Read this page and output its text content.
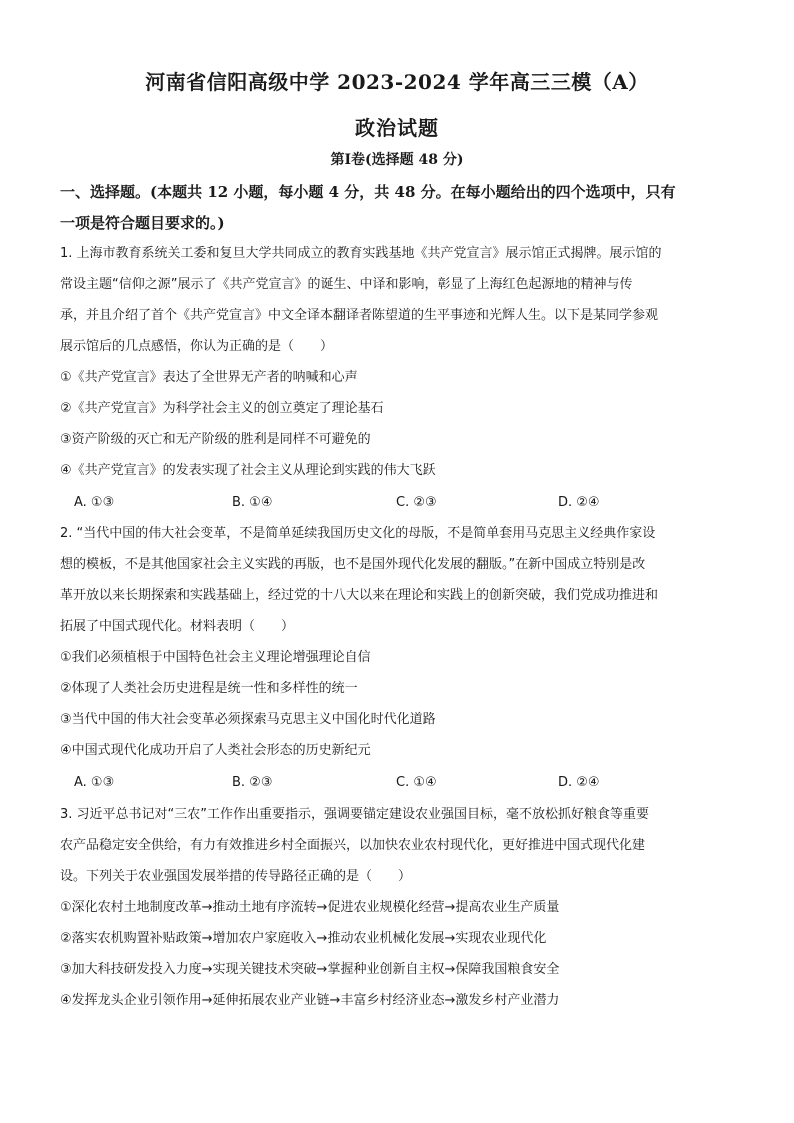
河南省信阳高级中学 2023-2024 学年高三三模（A）
政治试题
第Ⅰ卷(选择题 48 分)
一、选择题。(本题共 12 小题，每小题 4 分，共 48 分。在每小题给出的四个选项中，只有
一项是符合题目要求的。)
1. 上海市教育系统关工委和复旦大学共同成立的教育实践基地《共产党宣言》展示馆正式揭牌。展示馆的
常设主题“信仰之源”展示了《共产党宣言》的诞生、中译和影响，彰显了上海红色起源地的精神与传
承，并且介绍了首个《共产党宣言》中文全译本翻译者陈望道的生平事迹和光辉人生。以下是某同学参观
展示馆后的几点感悟，你认为正确的是（　　）
①《共产党宣言》表达了全世界无产者的呐喊和心声
②《共产党宣言》为科学社会主义的创立奠定了理论基石
③资产阶级的灭亡和无产阶级的胜利是同样不可避免的
④《共产党宣言》的发表实现了社会主义从理论到实践的伟大飞跃
A. ①③	B. ①④	C. ②③	D. ②④
2. “当代中国的伟大社会变革，不是简单延续我国历史文化的母版，不是简单套用马克思主义经典作家设
想的模板，不是其他国家社会主义实践的再版，也不是国外现代化发展的翻版。”在新中国成立特别是改
革开放以来长期探索和实践基础上，经过党的十八大以来在理论和实践上的创新突破，我们党成功推进和
拓展了中国式现代化。材料表明（　　）
①我们必须植根于中国特色社会主义理论增强理论自信
②体现了人类社会历史进程是统一性和多样性的统一
③当代中国的伟大社会变革必须探索马克思主义中国化时代化道路
④中国式现代化成功开启了人类社会形态的历史新纪元
A. ①③	B. ②③	C. ①④	D. ②④
3. 习近平总书记对“三农”工作作出重要指示，强调要锚定建设农业强国目标，毫不放松抓好粮食等重要
农产品稳定安全供给，有力有效推进乡村全面振兴，以加快农业农村现代化，更好推进中国式现代化建
设。下列关于农业强国发展举措的传导路径正确的是（　　）
①深化农村土地制度改革→推动土地有序流转→促进农业规模化经营→提高农业生产质量
②落实农机购置补贴政策→增加农户家庭收入→推动农业机械化发展→实现农业现代化
③加大科技研发投入力度→实现关键技术突破→掌握种业创新自主权→保障我国粮食安全
④发挥龙头企业引领作用→延伸拓展农业产业链→丰富乡村经济业态→激发乡村产业潜力
